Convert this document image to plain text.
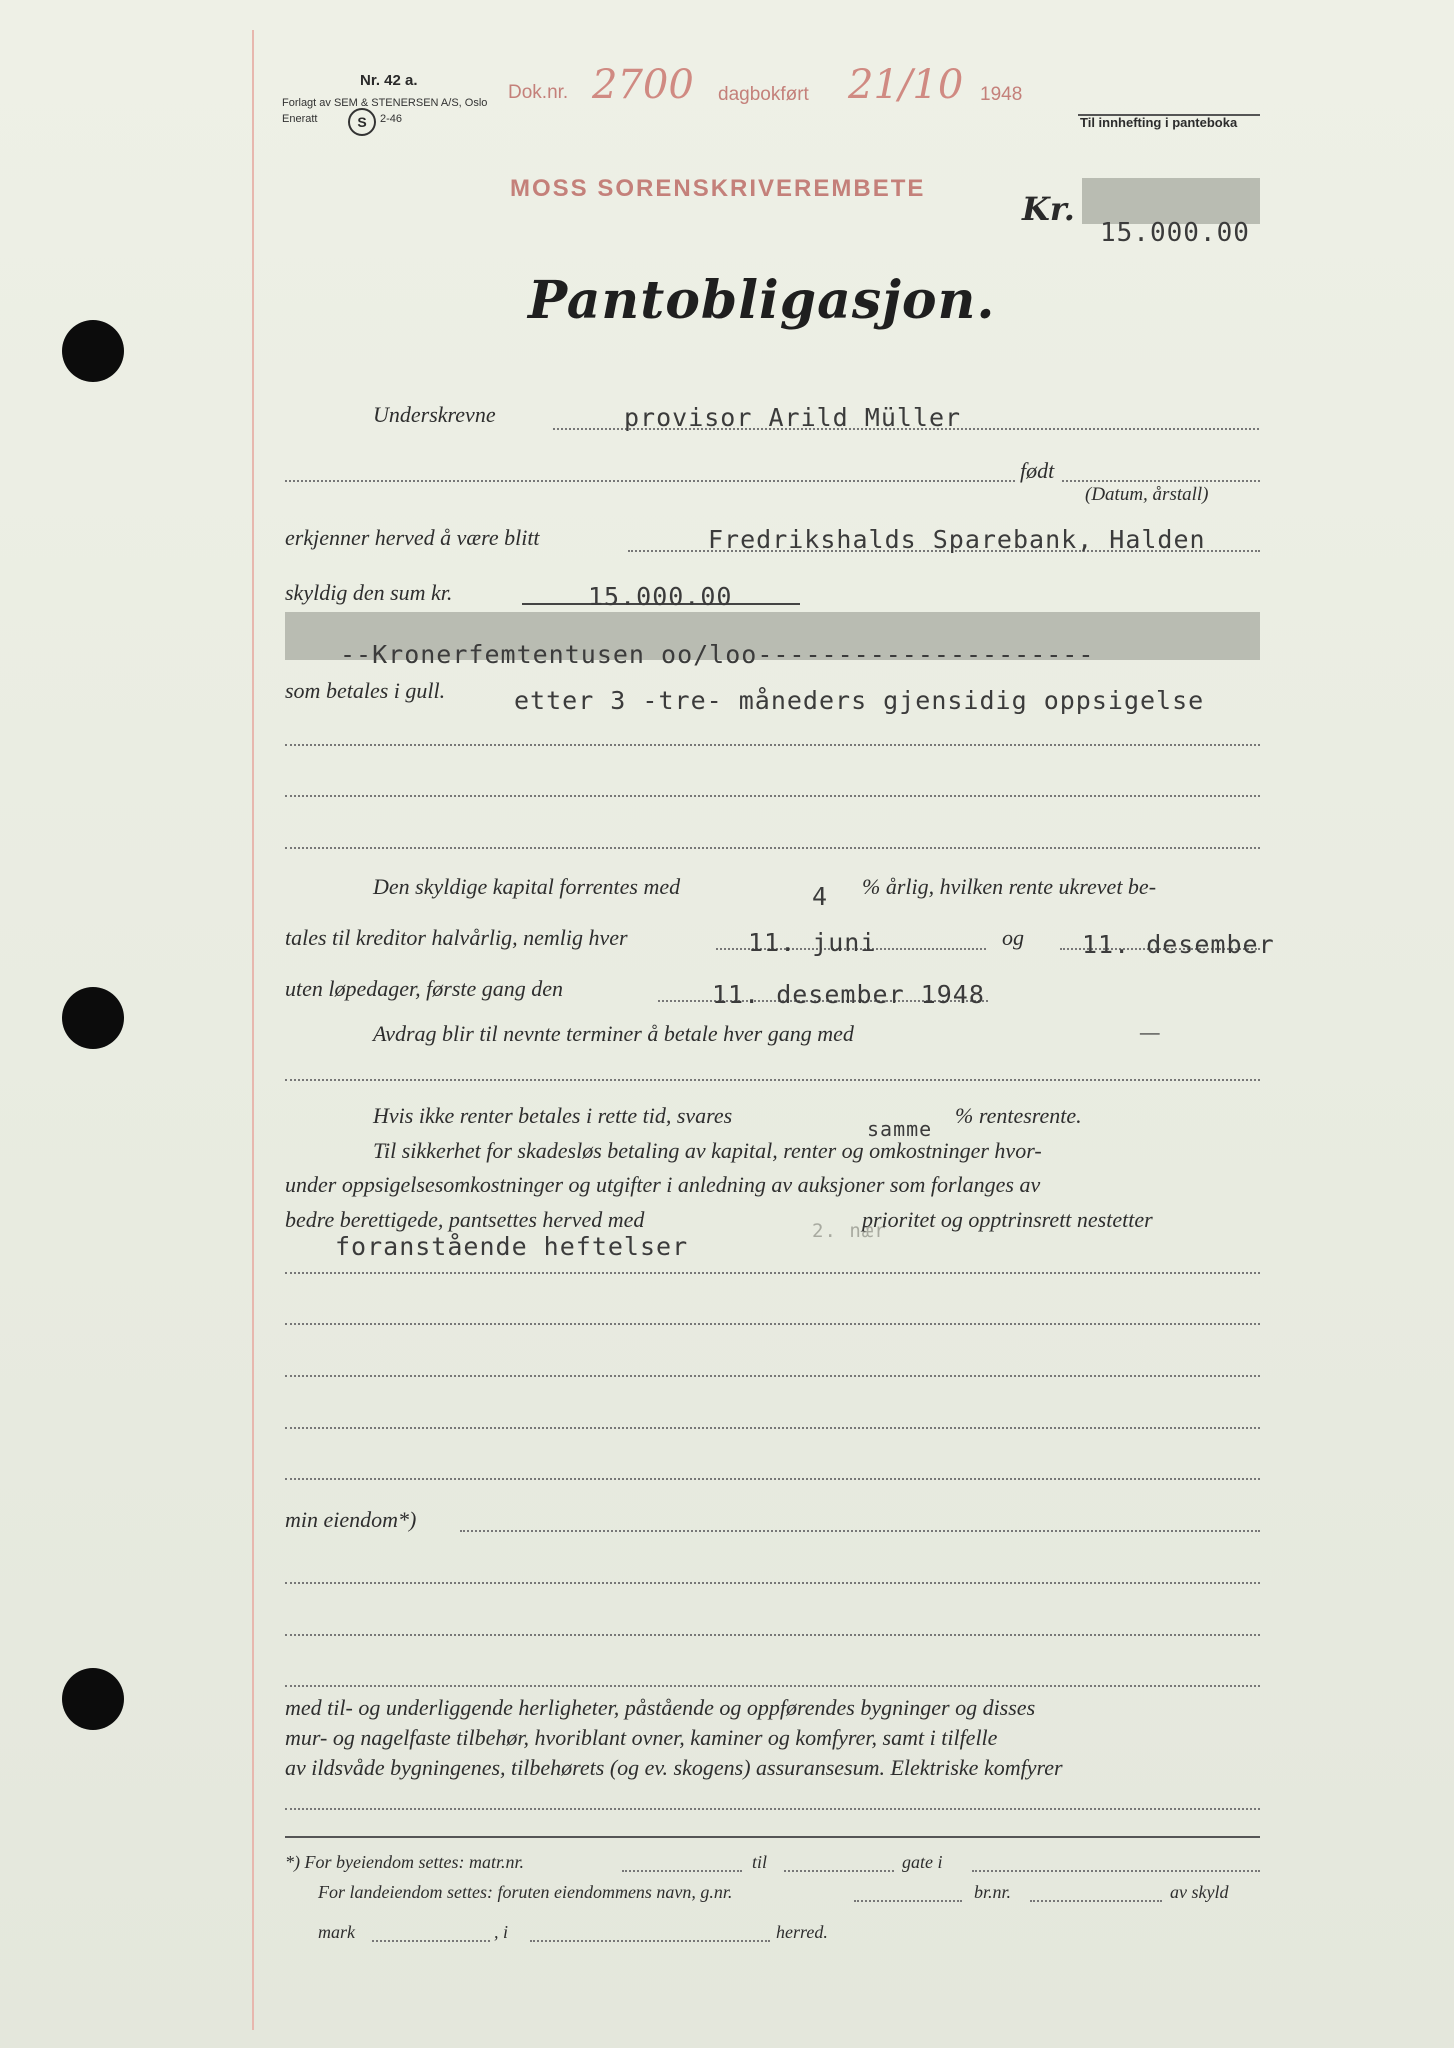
Nr. 42 a.
Forlagt av SEM & STENERSEN A/S, Oslo
Eneratt	S	2-46	Til innhefting i panteboka
Dok.nr. 2700 dagbokført 21/10 1948
MOSS SORENSKRIVEREMBETE
Kr.
15.000.00
Pantobligasjon.
Underskrevne	provisor Arild Müller
født
(Datum, årstall)
erkjenner herved å være blitt	Fredrikshalds Sparebank, Halden
skyldig den sum kr.	15.000.00
--Kronerfemtentusen oo/loo---------------------
som betales i gull.	etter 3 -tre- måneders gjensidig oppsigelse
Den skyldige kapital forrentes med	4 % årlig, hvilken rente ukrevet be-
tales til kreditor halvårlig, nemlig hver	11. juni	og 11. desember
uten løpedager, første gang den	11. desember 1948
Avdrag blir til nevnte terminer å betale hver gang med	—
Hvis ikke renter betales i rette tid, svares
samme
% rentesrente.
Til sikkerhet for skadesløs betaling av kapital, renter og omkostninger hvor-
under oppsigelsesomkostninger og utgifter i anledning av auksjoner som forlanges av
bedre berettigede, pantsettes herved med	2. nær
prioritet og opptrinsrett nestetter
foranstående heftelser
min eiendom*)
med til- og underliggende herligheter, påstående og oppførendes bygninger og disses
mur- og nagelfaste tilbehør, hvoriblant ovner, kaminer og komfyrer, samt i tilfelle
av ildsvåde bygningenes, tilbehørets (og ev. skogens) assuransesum. Elektriske komfyrer
*) For byeiendom settes: matr.nr.	til	gate i
For landeiendom settes: foruten eiendommens navn, g.nr.	br.nr.	av skyld
mark	, i	herred.
